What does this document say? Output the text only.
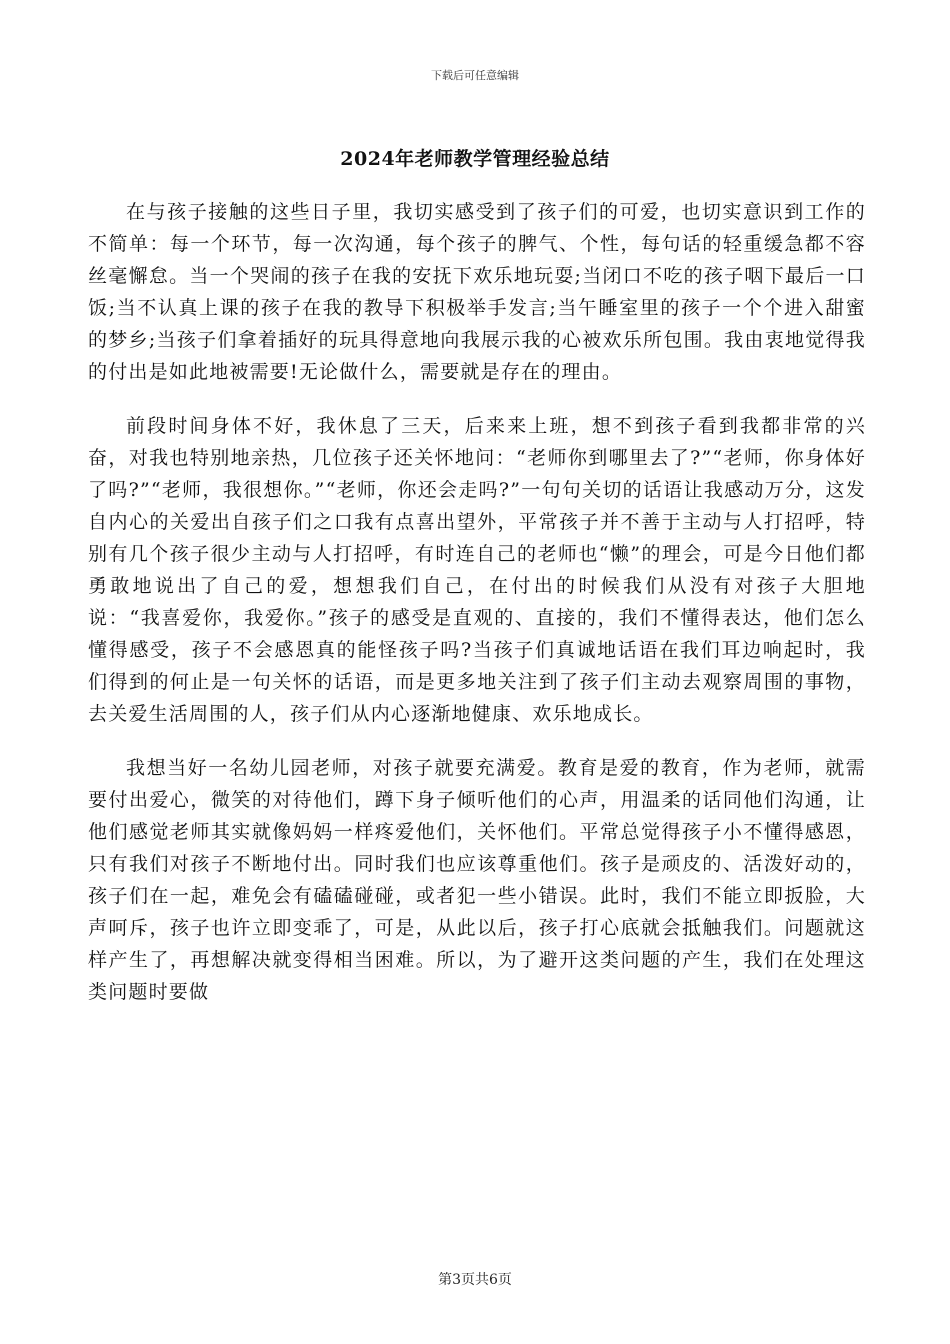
下载后可任意编辑
2024年老师教学管理经验总结

在与孩子接触的这些日子里，我切实感受到了孩子们的可爱，也切实意识到工作的不简单：每一个环节，每一次沟通，每个孩子的脾气、个性，每句话的轻重缓急都不容丝毫懈怠。当一个哭闹的孩子在我的安抚下欢乐地玩耍;当闭口不吃的孩子咽下最后一口饭;当不认真上课的孩子在我的教导下积极举手发言;当午睡室里的孩子一个个进入甜蜜的梦乡;当孩子们拿着插好的玩具得意地向我展示我的心被欢乐所包围。我由衷地觉得我的付出是如此地被需要!无论做什么，需要就是存在的理由。

前段时间身体不好，我休息了三天，后来来上班，想不到孩子看到我都非常的兴奋，对我也特别地亲热，几位孩子还关怀地问：“老师你到哪里去了?”“老师，你身体好了吗?”“老师，我很想你。”“老师，你还会走吗?”一句句关切的话语让我感动万分，这发自内心的关爱出自孩子们之口我有点喜出望外，平常孩子并不善于主动与人打招呼，特别有几个孩子很少主动与人打招呼，有时连自己的老师也“懒”的理会，可是今日他们都勇敢地说出了自己的爱，想想我们自己，在付出的时候我们从没有对孩子大胆地说：“我喜爱你，我爱你。”孩子的感受是直观的、直接的，我们不懂得表达，他们怎么懂得感受，孩子不会感恩真的能怪孩子吗?当孩子们真诚地话语在我们耳边响起时，我们得到的何止是一句关怀的话语，而是更多地关注到了孩子们主动去观察周围的事物，去关爱生活周围的人，孩子们从内心逐渐地健康、欢乐地成长。

我想当好一名幼儿园老师，对孩子就要充满爱。教育是爱的教育，作为老师，就需要付出爱心，微笑的对待他们，蹲下身子倾听他们的心声，用温柔的话同他们沟通，让他们感觉老师其实就像妈妈一样疼爱他们，关怀他们。平常总觉得孩子小不懂得感恩，只有我们对孩子不断地付出。同时我们也应该尊重他们。孩子是顽皮的、活泼好动的，孩子们在一起，难免会有磕磕碰碰，或者犯一些小错误。此时，我们不能立即扳脸，大声呵斥，孩子也许立即变乖了，可是，从此以后，孩子打心底就会抵触我们。问题就这样产生了，再想解决就变得相当困难。所以，为了避开这类问题的产生，我们在处理这类问题时要做

第3页共6页
